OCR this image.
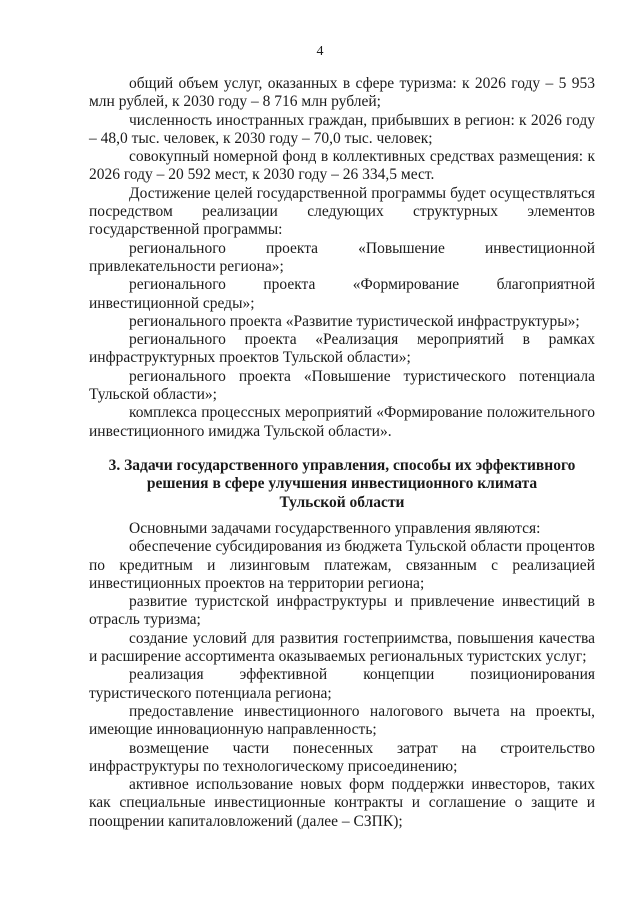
4

общий объем услуг, оказанных в сфере туризма: к 2026 году – 5 953 млн рублей, к 2030 году – 8 716 млн рублей;

численность иностранных граждан, прибывших в регион: к 2026 году – 48,0 тыс. человек, к 2030 году – 70,0 тыс. человек;

совокупный номерной фонд в коллективных средствах размещения: к 2026 году – 20 592 мест, к 2030 году – 26 334,5 мест.

Достижение целей государственной программы будет осуществляться посредством реализации следующих структурных элементов государственной программы:

регионального проекта «Повышение инвестиционной привлекательности региона»;

регионального проекта «Формирование благоприятной инвестиционной среды»;

регионального проекта «Развитие туристической инфраструктуры»;

регионального проекта «Реализация мероприятий в рамках инфраструктурных проектов Тульской области»;

регионального проекта «Повышение туристического потенциала Тульской области»;

комплекса процессных мероприятий «Формирование положительного инвестиционного имиджа Тульской области».

3. Задачи государственного управления, способы их эффективного
решения в сфере улучшения инвестиционного климата
Тульской области

Основными задачами государственного управления являются:

обеспечение субсидирования из бюджета Тульской области процентов по кредитным и лизинговым платежам, связанным с реализацией инвестиционных проектов на территории региона;

развитие туристской инфраструктуры и привлечение инвестиций в отрасль туризма;

создание условий для развития гостеприимства, повышения качества и расширение ассортимента оказываемых региональных туристских услуг;

реализация эффективной концепции позиционирования туристического потенциала региона;

предоставление инвестиционного налогового вычета на проекты, имеющие инновационную направленность;

возмещение части понесенных затрат на строительство инфраструктуры по технологическому присоединению;

активное использование новых форм поддержки инвесторов, таких как специальные инвестиционные контракты и соглашение о защите и поощрении капиталовложений (далее – СЗПК);
